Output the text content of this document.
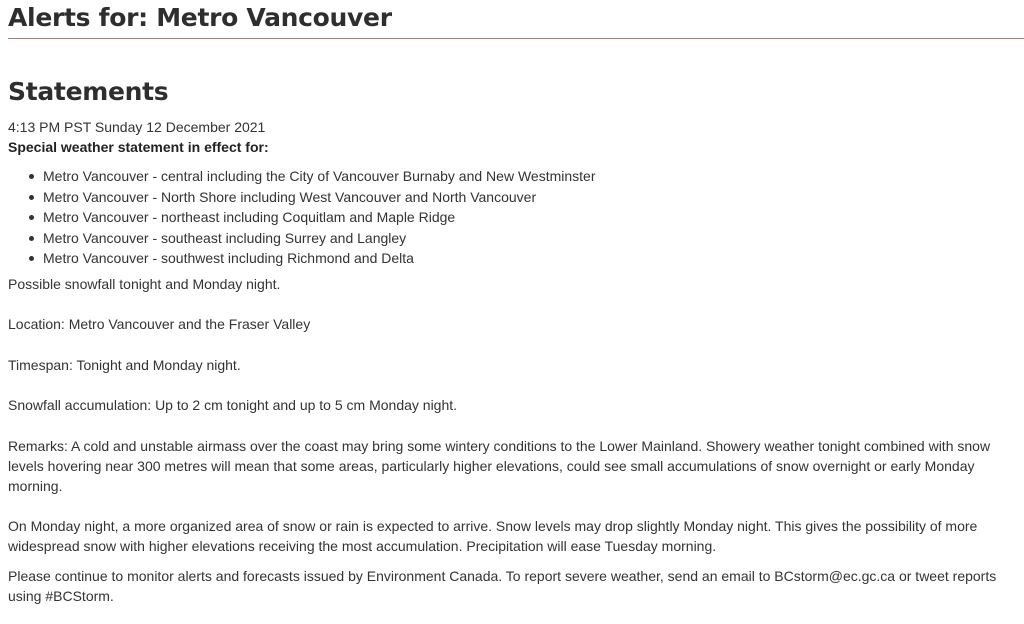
Alerts for: Metro Vancouver
Statements

4:13 PM PST Sunday 12 December 2021

Special weather statement in effect for:

Metro Vancouver - central including the City of Vancouver Burnaby and New Westminster
Metro Vancouver - North Shore including West Vancouver and North Vancouver
Metro Vancouver - northeast including Coquitlam and Maple Ridge
Metro Vancouver - southeast including Surrey and Langley
Metro Vancouver - southwest including Richmond and Delta

Possible snowfall tonight and Monday night.

Location: Metro Vancouver and the Fraser Valley

Timespan: Tonight and Monday night.

Snowfall accumulation: Up to 2 cm tonight and up to 5 cm Monday night.

Remarks: A cold and unstable airmass over the coast may bring some wintery conditions to the Lower Mainland. Showery weather tonight combined with snow levels hovering near 300 metres will mean that some areas, particularly higher elevations, could see small accumulations of snow overnight or early Monday morning.

On Monday night, a more organized area of snow or rain is expected to arrive. Snow levels may drop slightly Monday night. This gives the possibility of more widespread snow with higher elevations receiving the most accumulation. Precipitation will ease Tuesday morning.

Please continue to monitor alerts and forecasts issued by Environment Canada. To report severe weather, send an email to BCstorm@ec.gc.ca or tweet reports using #BCStorm.
